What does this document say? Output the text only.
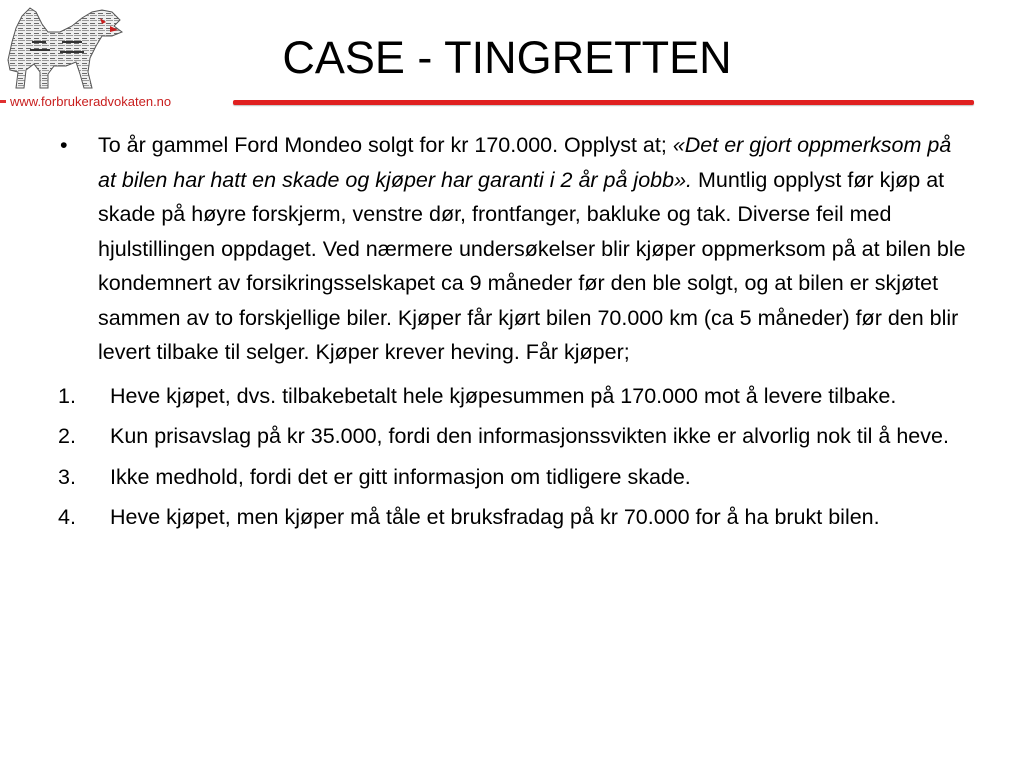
www.forbrukeradvokaten.no
CASE - TINGRETTEN

• To år gammel Ford Mondeo solgt for kr 170.000. Opplyst at; «Det er gjort oppmerksom på at bilen har hatt en skade og kjøper har garanti i 2 år på jobb». Muntlig opplyst før kjøp at skade på høyre forskjerm, venstre dør, frontfanger, bakluke og tak. Diverse feil med hjulstillingen oppdaget. Ved nærmere undersøkelser blir kjøper oppmerksom på at bilen ble kondemnert av forsikringsselskapet ca 9 måneder før den ble solgt, og at bilen er skjøtet sammen av to forskjellige biler. Kjøper får kjørt bilen 70.000 km (ca 5 måneder) før den blir levert tilbake til selger. Kjøper krever heving. Får kjøper;

1. Heve kjøpet, dvs. tilbakebetalt hele kjøpesummen på 170.000 mot å levere tilbake.
2. Kun prisavslag på kr 35.000, fordi den informasjonssvikten ikke er alvorlig nok til å heve.
3. Ikke medhold, fordi det er gitt informasjon om tidligere skade.
4. Heve kjøpet, men kjøper må tåle et bruksfradag på kr 70.000 for å ha brukt bilen.
